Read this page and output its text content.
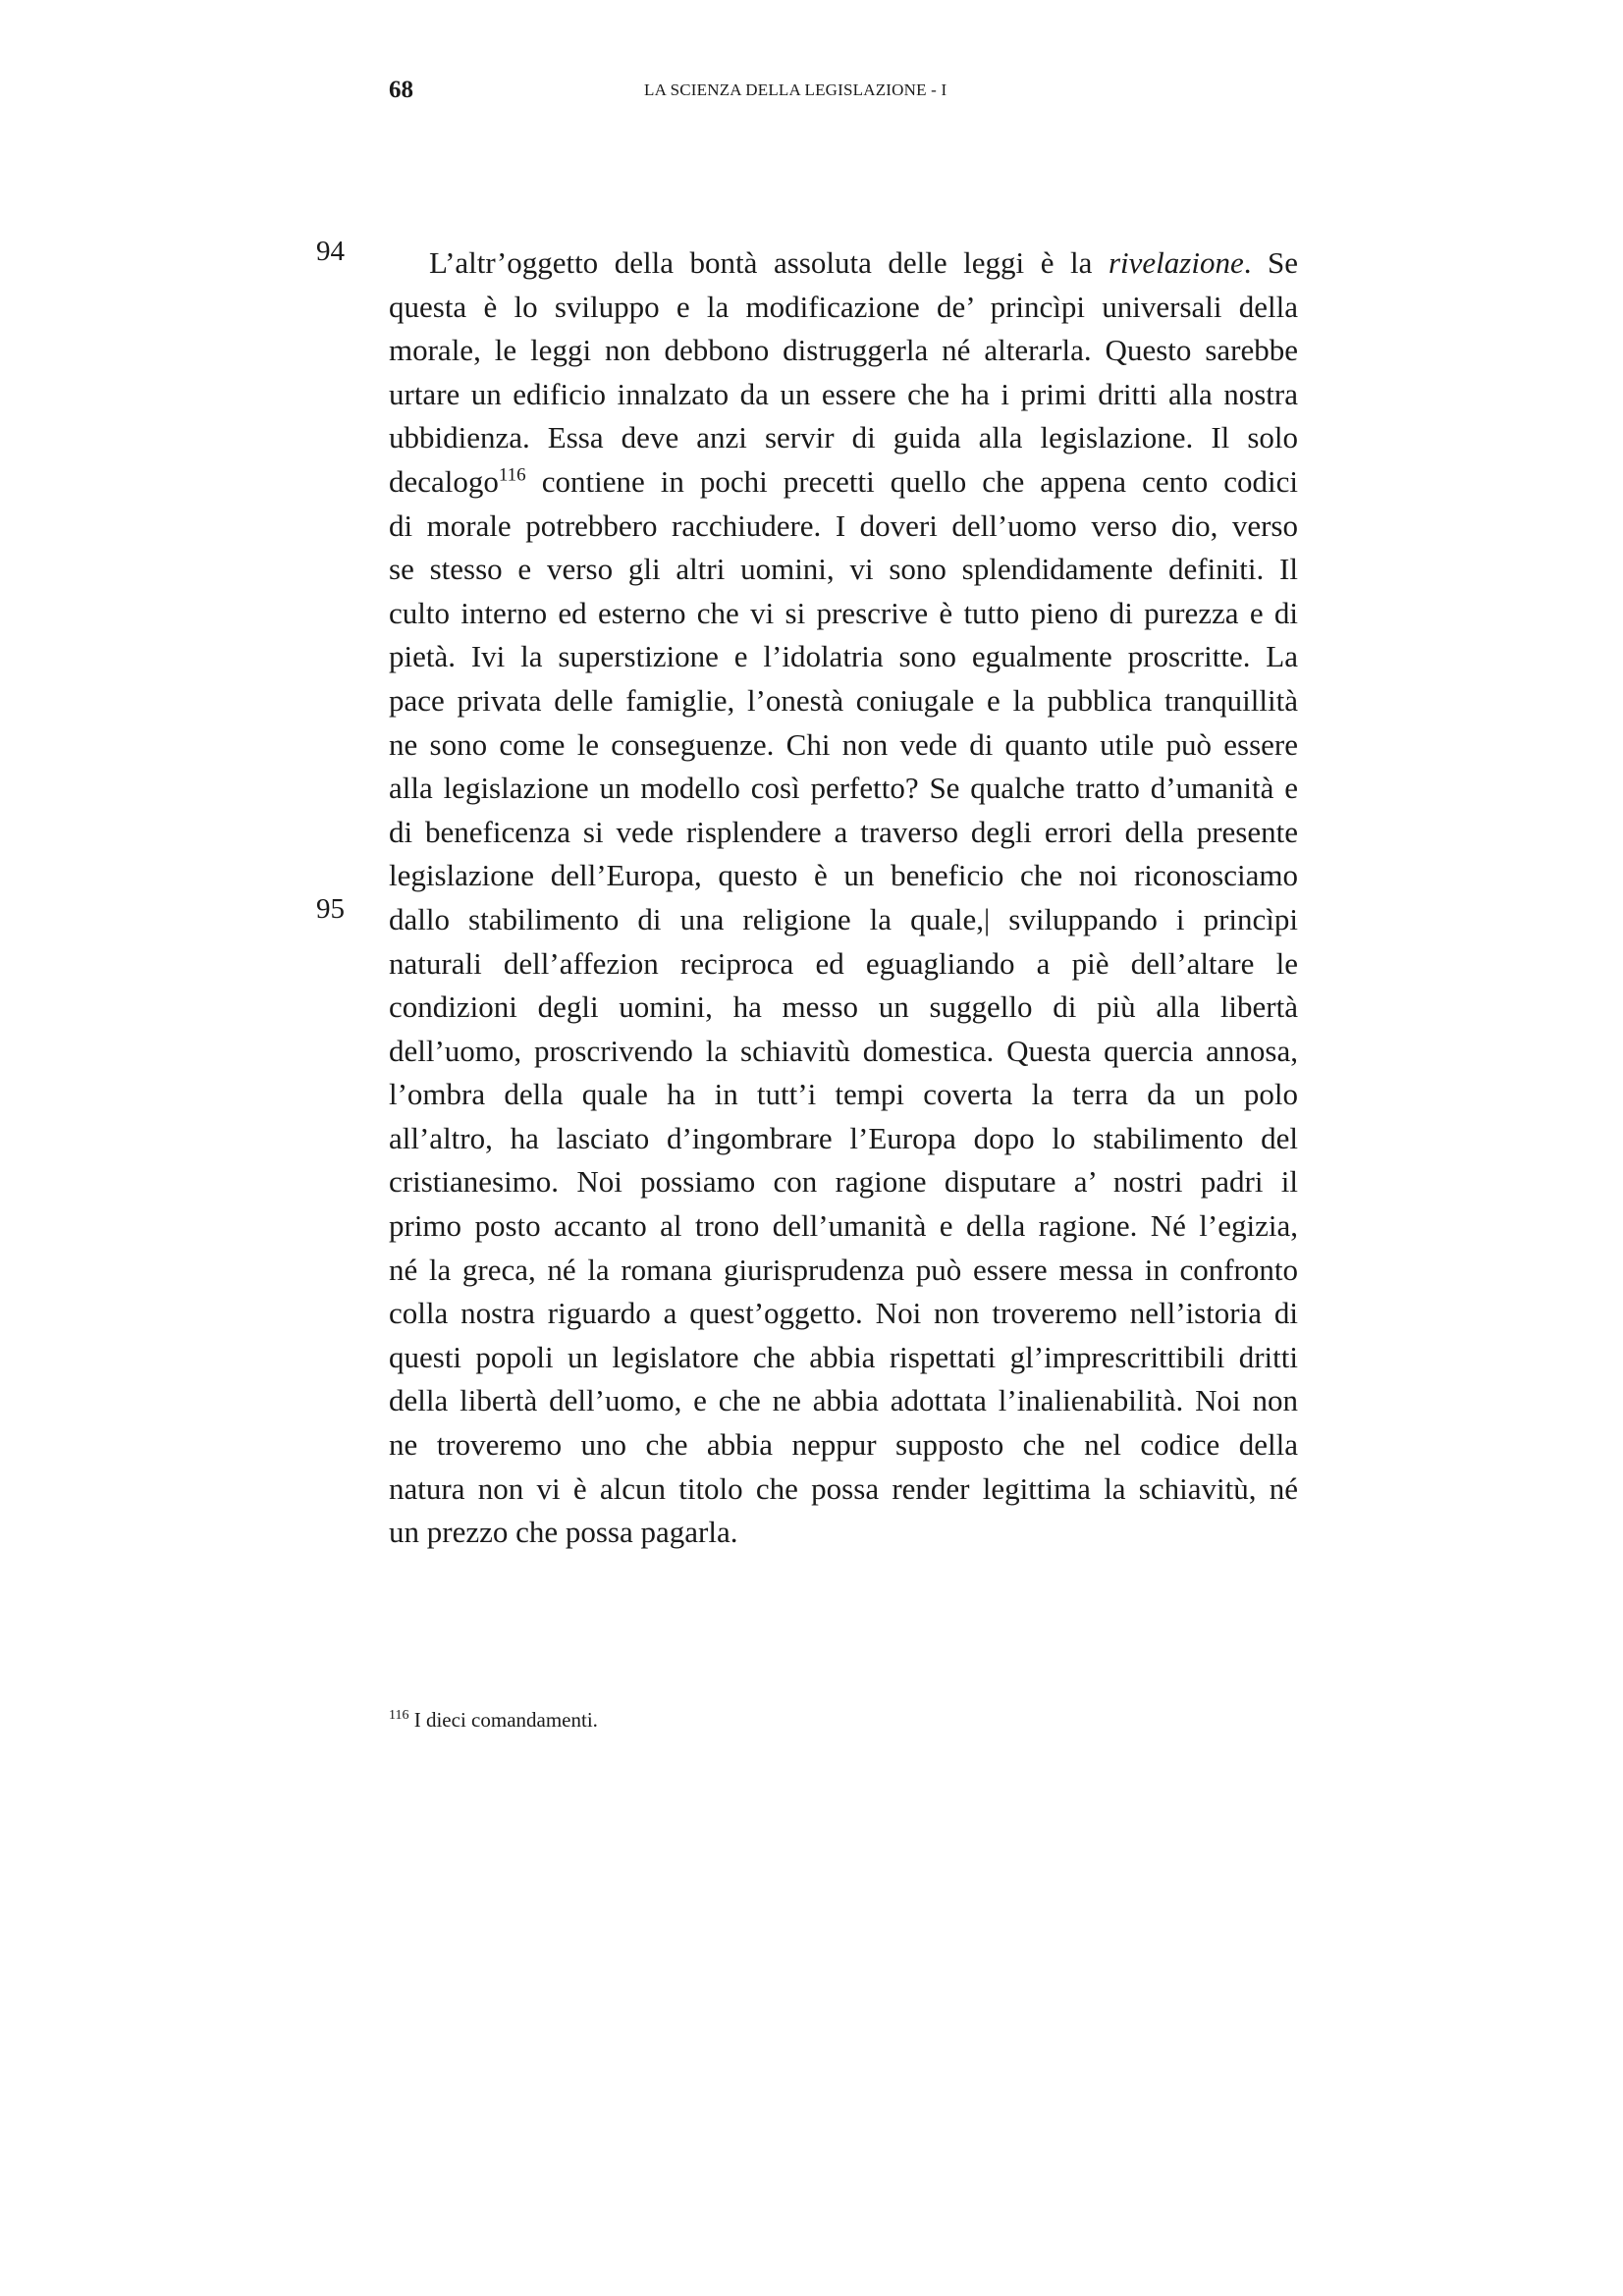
68	LA SCIENZA DELLA LEGISLAZIONE - I
94
95
L’altr’oggetto della bontà assoluta delle leggi è la rivelazione. Se
questa è lo sviluppo e la modificazione de’ princìpi universali della
morale, le leggi non debbono distruggerla né alterarla. Questo sarebbe
urtare un edificio innalzato da un essere che ha i primi dritti alla nostra
ubbidienza. Essa deve anzi servir di guida alla legislazione. Il solo
decalogo$^{116}$ contiene in pochi precetti quello che appena cento codici
di morale potrebbero racchiudere. I doveri dell’uomo verso dio, verso
se stesso e verso gli altri uomini, vi sono splendidamente definiti. Il
culto interno ed esterno che vi si prescrive è tutto pieno di purezza e di
pietà. Ivi la superstizione e l’idolatria sono egualmente proscritte. La
pace privata delle famiglie, l’onestà coniugale e la pubblica tranquillità
ne sono come le conseguenze. Chi non vede di quanto utile può essere
alla legislazione un modello così perfetto? Se qualche tratto d’umanità e
di beneficenza si vede risplendere a traverso degli errori della presente
legislazione dell’Europa, questo è un beneficio che noi riconosciamo
dallo stabilimento di una religione la quale,| sviluppando i princìpi
naturali dell’affezion reciproca ed eguagliando a piè dell’altare le
condizioni degli uomini, ha messo un suggello di più alla libertà
dell’uomo, proscrivendo la schiavitù domestica. Questa quercia annosa,
l’ombra della quale ha in tutt’i tempi coverta la terra da un polo
all’altro, ha lasciato d’ingombrare l’Europa dopo lo stabilimento del
cristianesimo. Noi possiamo con ragione disputare a’ nostri padri il
primo posto accanto al trono dell’umanità e della ragione. Né l’egizia,
né la greca, né la romana giurisprudenza può essere messa in confronto
colla nostra riguardo a quest’oggetto. Noi non troveremo nell’istoria di
questi popoli un legislatore che abbia rispettati gl’imprescrittibili dritti
della libertà dell’uomo, e che ne abbia adottata l’inalienabilità. Noi non
ne troveremo uno che abbia neppur supposto che nel codice della
natura non vi è alcun titolo che possa render legittima la schiavitù, né
un prezzo che possa pagarla.
$^{116}$ I dieci comandamenti.
